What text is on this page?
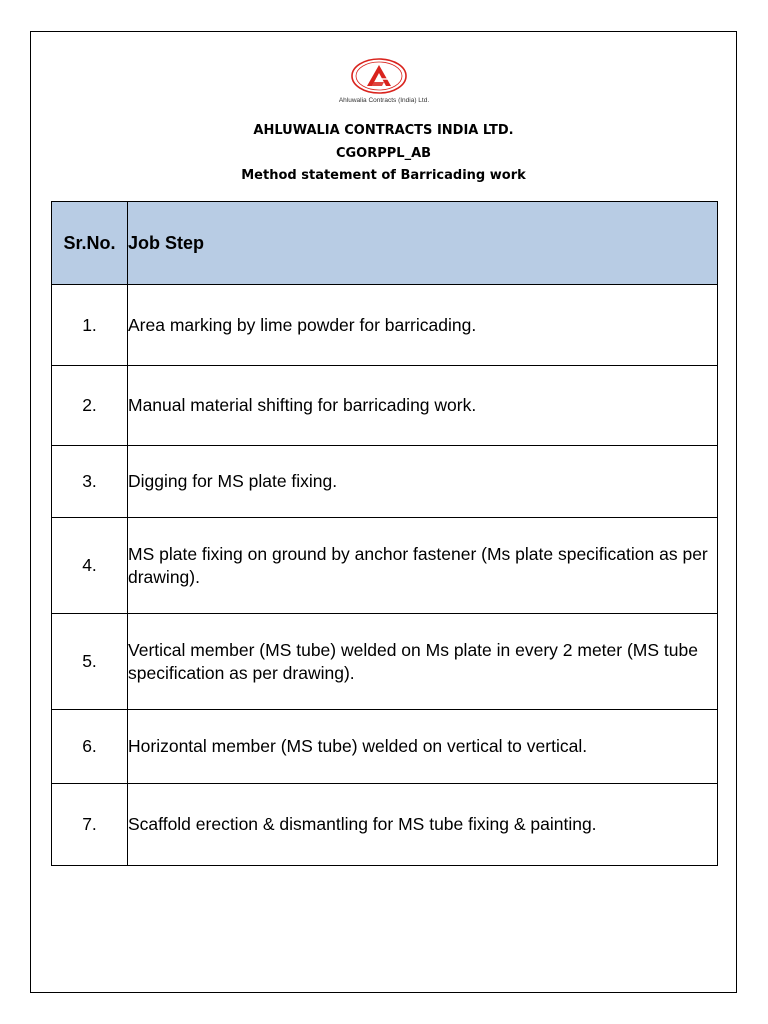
Ahluwalia Contracts (India) Ltd.
AHLUWALIA CONTRACTS INDIA LTD.
CGORPPL_AB
Method statement of Barricading work
Sr.No.	Job Step
1.	Area marking by lime powder for barricading.
2.	Manual material shifting for barricading work.
3.	Digging for MS plate fixing.
4.	MS plate fixing on ground by anchor fastener (Ms plate specification as per drawing).
5.	Vertical member (MS tube) welded on Ms plate in every 2 meter (MS tube specification as per drawing).
6.	Horizontal member (MS tube) welded on vertical to vertical.
7.	Scaffold erection & dismantling for MS tube fixing & painting.
